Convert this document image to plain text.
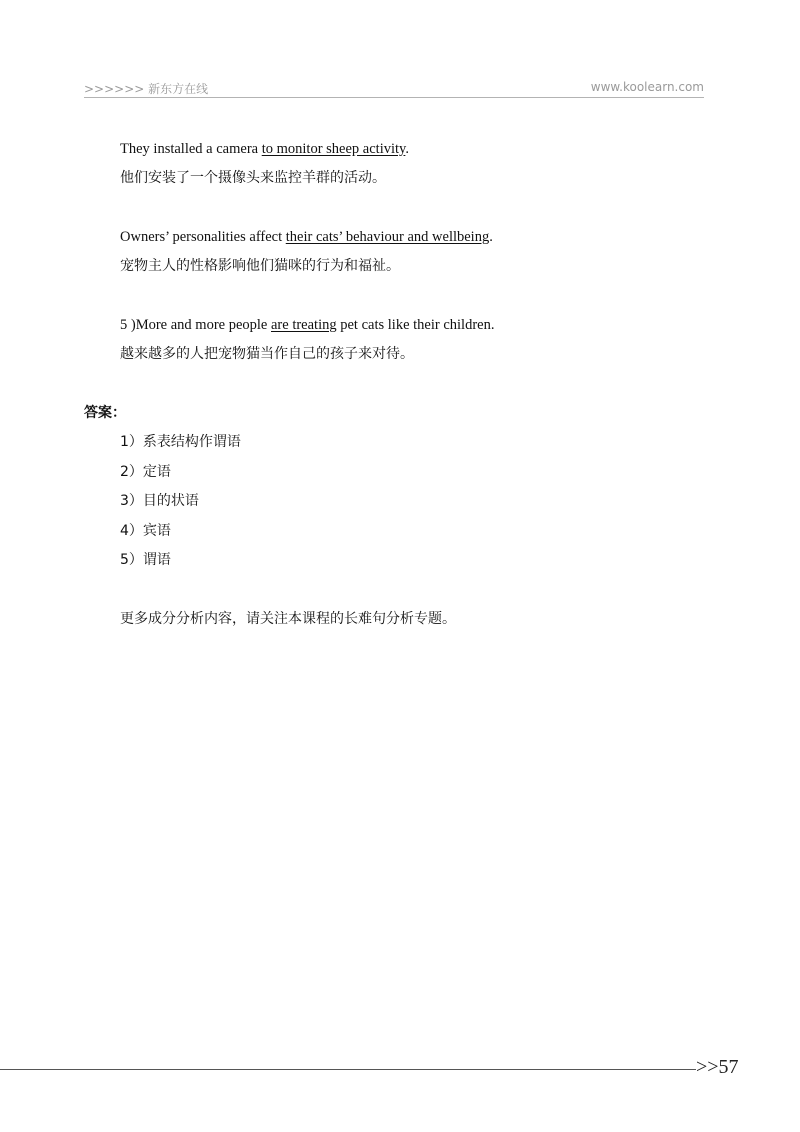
>>>>>> 新东方在线	www.koolearn.com
They installed a camera to monitor sheep activity.
他们安装了一个摄像头来监控羊群的活动。
Owners’ personalities affect their cats’ behaviour and wellbeing.
宠物主人的性格影响他们猫咪的行为和福祉。
5 )More and more people are treating pet cats like their children.
越来越多的人把宠物猫当作自己的孩子来对待。
答案：
1）系表结构作谓语
2）定语
3）目的状语
4）宾语
5）谓语
更多成分分析内容，请关注本课程的长难句分析专题。
>>57
